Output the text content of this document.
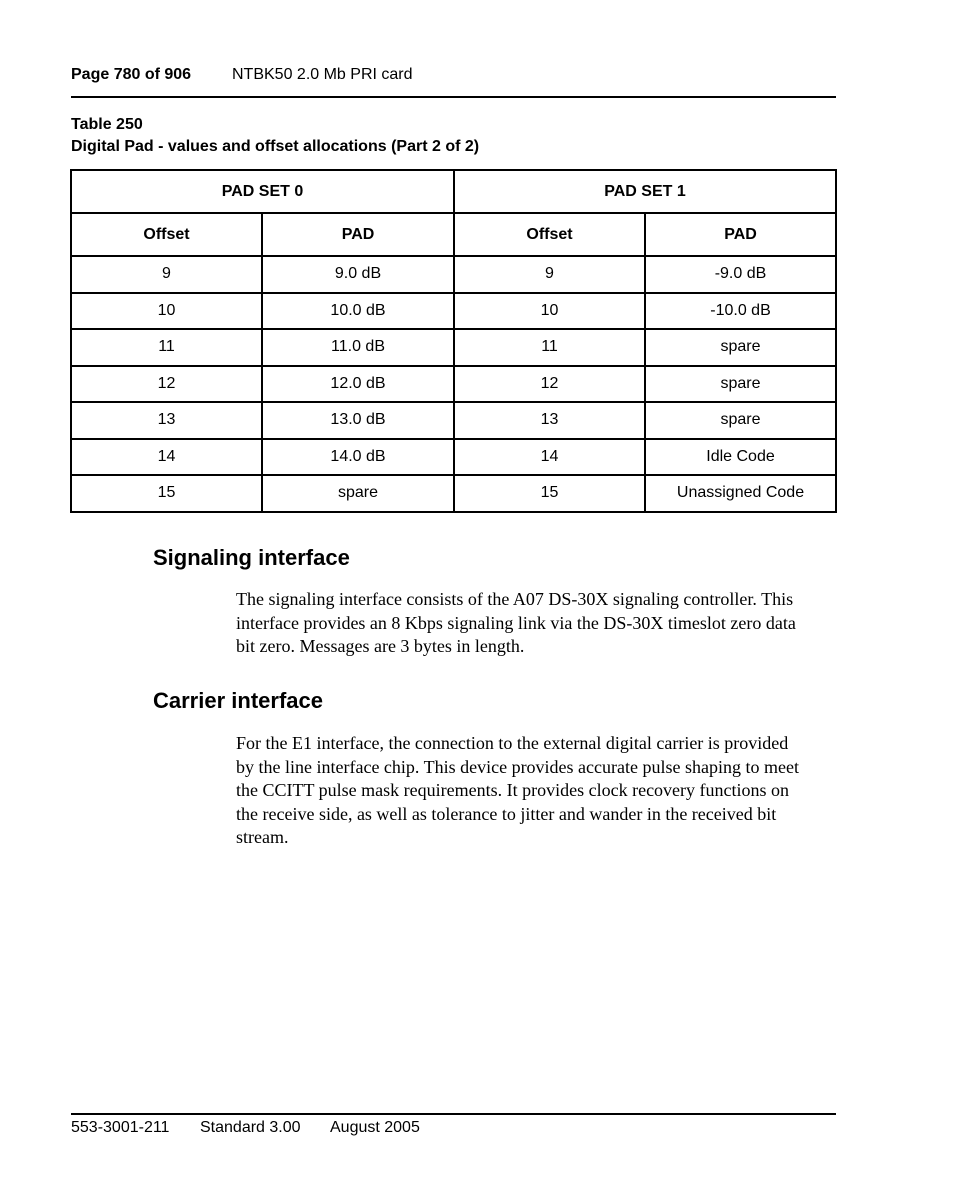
Page 780 of 906	NTBK50 2.0 Mb PRI card
Table 250
Digital Pad - values and offset allocations (Part 2 of 2)
PAD SET 0		PAD SET 1	
Offset	PAD	Offset	PAD
9	9.0 dB	9	-9.0 dB
10	10.0 dB	10	-10.0 dB
11	11.0 dB	11	spare
12	12.0 dB	12	spare
13	13.0 dB	13	spare
14	14.0 dB	14	Idle Code
15	spare	15	Unassigned Code
Signaling interface
The signaling interface consists of the A07 DS-30X signaling controller. This
interface provides an 8 Kbps signaling link via the DS-30X timeslot zero data
bit zero. Messages are 3 bytes in length.
Carrier interface
For the E1 interface, the connection to the external digital carrier is provided
by the line interface chip. This device provides accurate pulse shaping to meet
the CCITT pulse mask requirements. It provides clock recovery functions on
the receive side, as well as tolerance to jitter and wander in the received bit
stream.
553-3001-211 Standard 3.00 August 2005
